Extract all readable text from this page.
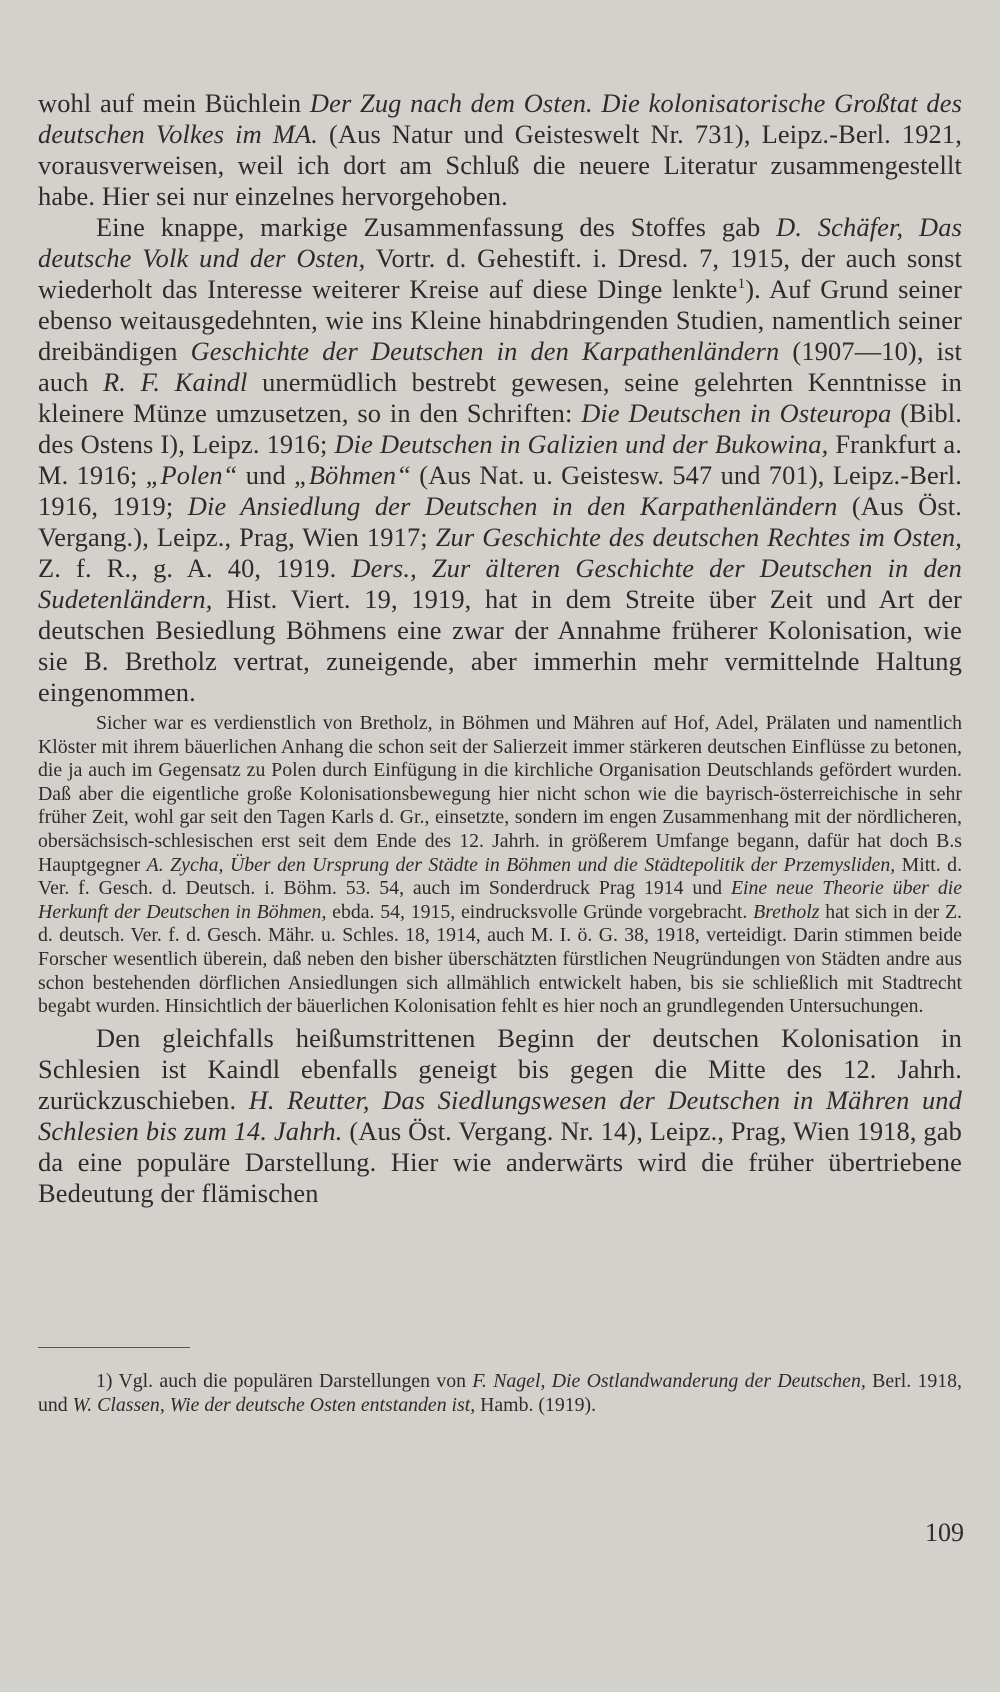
wohl auf mein Büchlein Der Zug nach dem Osten. Die kolonisatorische Großtat des deutschen Volkes im MA. (Aus Natur und Geisteswelt Nr. 731), Leipz.-Berl. 1921, vorausverweisen, weil ich dort am Schluß die neuere Literatur zusammengestellt habe. Hier sei nur einzelnes hervorgehoben.

Eine knappe, markige Zusammenfassung des Stoffes gab D. Schäfer, Das deutsche Volk und der Osten, Vortr. d. Gehestift. i. Dresd. 7, 1915, der auch sonst wiederholt das Interesse weiterer Kreise auf diese Dinge lenkte$^1$). Auf Grund seiner ebenso weitausgedehnten, wie ins Kleine hinabdringenden Studien, namentlich seiner dreibändigen Geschichte der Deutschen in den Karpathenländern (1907—10), ist auch R. F. Kaindl unermüdlich bestrebt gewesen, seine gelehrten Kenntnisse in kleinere Münze umzusetzen, so in den Schriften: Die Deutschen in Osteuropa (Bibl. des Ostens I), Leipz. 1916; Die Deutschen in Galizien und der Bukowina, Frankfurt a. M. 1916; „Polen“ und „Böhmen“ (Aus Nat. u. Geistesw. 547 und 701), Leipz.-Berl. 1916, 1919; Die Ansiedlung der Deutschen in den Karpathenländern (Aus Öst. Vergang.), Leipz., Prag, Wien 1917; Zur Geschichte des deutschen Rechtes im Osten, Z. f. R., g. A. 40, 1919. Ders., Zur älteren Geschichte der Deutschen in den Sudetenländern, Hist. Viert. 19, 1919, hat in dem Streite über Zeit und Art der deutschen Besiedlung Böhmens eine zwar der Annahme früherer Kolonisation, wie sie B. Bretholz vertrat, zuneigende, aber immerhin mehr vermittelnde Haltung eingenommen.

Sicher war es verdienstlich von Bretholz, in Böhmen und Mähren auf Hof, Adel, Prälaten und namentlich Klöster mit ihrem bäuerlichen Anhang die schon seit der Salierzeit immer stärkeren deutschen Einflüsse zu betonen, die ja auch im Gegensatz zu Polen durch Einfügung in die kirchliche Organisation Deutschlands gefördert wurden. Daß aber die eigentliche große Kolonisationsbewegung hier nicht schon wie die bayrisch-österreichische in sehr früher Zeit, wohl gar seit den Tagen Karls d. Gr., einsetzte, sondern im engen Zusammenhang mit der nördlicheren, obersächsisch-schlesischen erst seit dem Ende des 12. Jahrh. in größerem Umfange begann, dafür hat doch B.s Hauptgegner A. Zycha, Über den Ursprung der Städte in Böhmen und die Städtepolitik der Przemysliden, Mitt. d. Ver. f. Gesch. d. Deutsch. i. Böhm. 53. 54, auch im Sonderdruck Prag 1914 und Eine neue Theorie über die Herkunft der Deutschen in Böhmen, ebda. 54, 1915, eindrucksvolle Gründe vorgebracht. Bretholz hat sich in der Z. d. deutsch. Ver. f. d. Gesch. Mähr. u. Schles. 18, 1914, auch M. I. ö. G. 38, 1918, verteidigt. Darin stimmen beide Forscher wesentlich überein, daß neben den bisher überschätzten fürstlichen Neugründungen von Städten andre aus schon bestehenden dörflichen Ansiedlungen sich allmählich entwickelt haben, bis sie schließlich mit Stadtrecht begabt wurden. Hinsichtlich der bäuerlichen Kolonisation fehlt es hier noch an grundlegenden Untersuchungen.

Den gleichfalls heißumstrittenen Beginn der deutschen Kolonisation in Schlesien ist Kaindl ebenfalls geneigt bis gegen die Mitte des 12. Jahrh. zurückzuschieben. H. Reutter, Das Siedlungswesen der Deutschen in Mähren und Schlesien bis zum 14. Jahrh. (Aus Öst. Vergang. Nr. 14), Leipz., Prag, Wien 1918, gab da eine populäre Darstellung. Hier wie anderwärts wird die früher übertriebene Bedeutung der flämischen

1) Vgl. auch die populären Darstellungen von F. Nagel, Die Ostlandwanderung der Deutschen, Berl. 1918, und W. Classen, Wie der deutsche Osten entstanden ist, Hamb. (1919).

109
